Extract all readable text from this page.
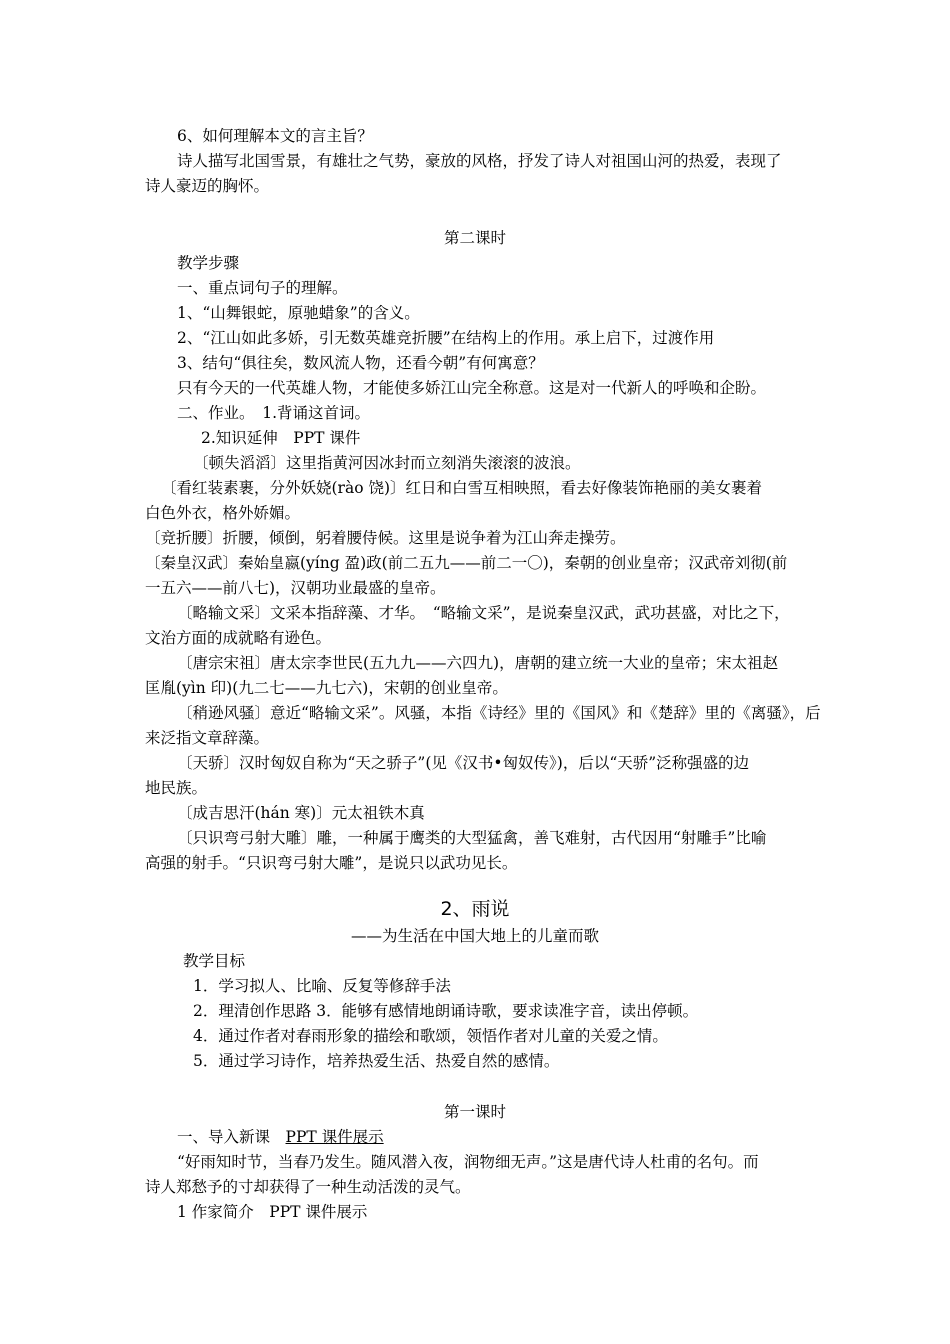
6、如何理解本文的言主旨？
诗人描写北国雪景，有雄壮之气势，豪放的风格，抒发了诗人对祖国山河的热爱，表现了
诗人豪迈的胸怀。
第二课时
教学步骤
一、重点词句子的理解。
1、“山舞银蛇，原驰蜡象”的含义。
2、“江山如此多娇，引无数英雄竞折腰”在结构上的作用。承上启下，过渡作用
3、结句“俱往矣，数风流人物，还看今朝”有何寓意？
只有今天的一代英雄人物，才能使多娇江山完全称意。这是对一代新人的呼唤和企盼。
二、作业。　1.背诵这首词。
2.知识延伸　PPT 课件
〔顿失滔滔〕这里指黄河因冰封而立刻消失滚滚的波浪。
〔看红装素裹，分外妖娆(rào 饶)〕红日和白雪互相映照，看去好像装饰艳丽的美女裹着
白色外衣，格外娇媚。
〔竞折腰〕折腰，倾倒，躬着腰侍候。这里是说争着为江山奔走操劳。
〔秦皇汉武〕秦始皇嬴(yíng 盈)政(前二五九——前二一〇)，秦朝的创业皇帝；汉武帝刘彻(前
一五六——前八七)，汉朝功业最盛的皇帝。
〔略输文采〕文采本指辞藻、才华。　“略输文采”，是说秦皇汉武，武功甚盛，对比之下，
文治方面的成就略有逊色。
〔唐宗宋祖〕唐太宗李世民(五九九——六四九)，唐朝的建立统一大业的皇帝；宋太祖赵
匡胤(yìn 印)(九二七——九七六)，宋朝的创业皇帝。
〔稍逊风骚〕意近“略输文采”。风骚，本指《诗经》里的《国风》和《楚辞》里的《离骚》，后
来泛指文章辞藻。
〔天骄〕汉时匈奴自称为“天之骄子”(见《汉书•匈奴传》)，后以“天骄”泛称强盛的边
地民族。
〔成吉思汗(hán 寒)〕元太祖铁木真
〔只识弯弓射大雕〕雕，一种属于鹰类的大型猛禽，善飞难射，古代因用“射雕手”比喻
高强的射手。“只识弯弓射大雕”，是说只以武功见长。
2、雨说
——为生活在中国大地上的儿童而歌
教学目标
1．学习拟人、比喻、反复等修辞手法
2．理清创作思路 3．能够有感情地朗诵诗歌，要求读准字音，读出停顿。
4．通过作者对春雨形象的描绘和歌颂，领悟作者对儿童的关爱之情。
5．通过学习诗作，培养热爱生活、热爱自然的感情。
第一课时
一、导入新课　PPT 课件展示
“好雨知时节，当春乃发生。随风潜入夜，润物细无声。”这是唐代诗人杜甫的名句。而
诗人郑愁予的寸却获得了一种生动活泼的灵气。
1 作家简介　PPT 课件展示
